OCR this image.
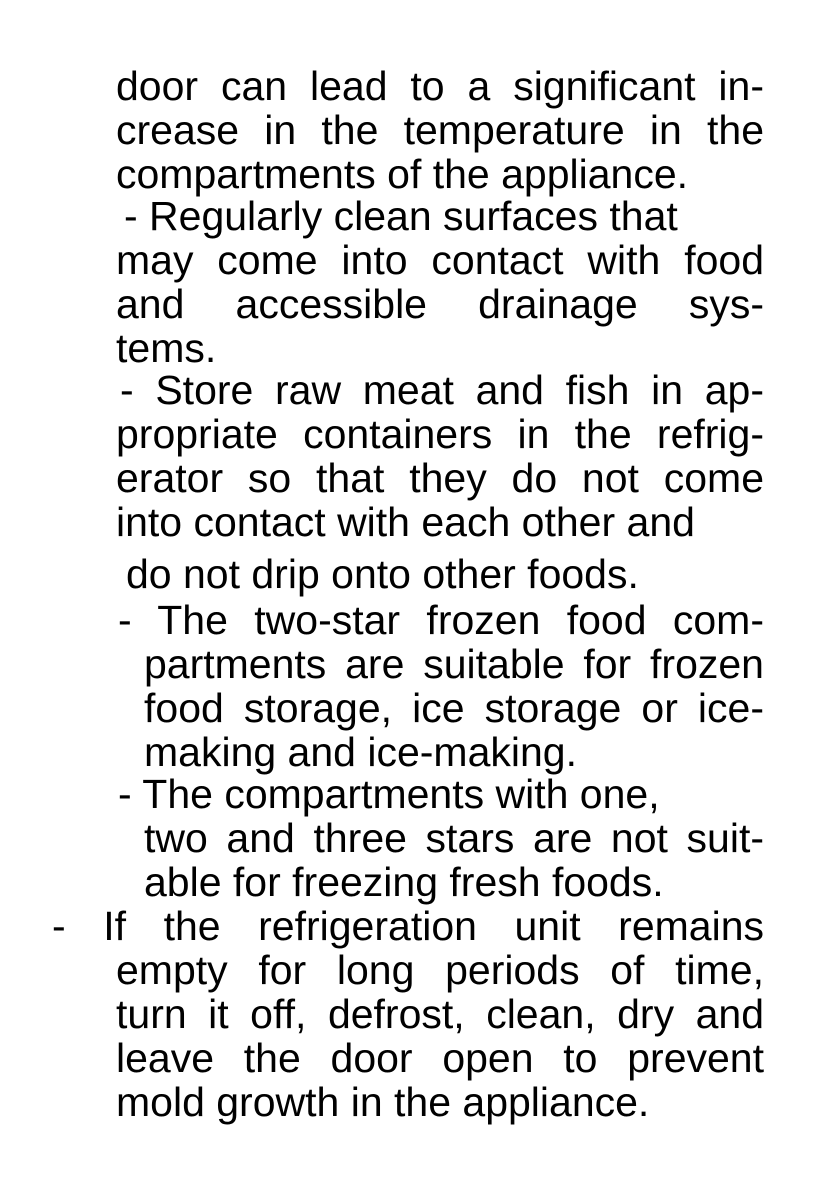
door can lead to a significant in-

crease in the temperature in the

compartments of the appliance.

- Regularly clean surfaces that

may come into contact with food

and accessible drainage sys-

tems.

- Store raw meat and fish in ap-

propriate containers in the refrig-

erator so that they do not come

into contact with each other and

do not drip onto other foods.

- The two-star frozen food com-

partments are suitable for frozen

food storage, ice storage or ice-

making and ice-making.

- The compartments with one,

two and three stars are not suit-

able for freezing fresh foods.

- If the refrigeration unit remains

empty for long periods of time,

turn it off, defrost, clean, dry and

leave the door open to prevent

mold growth in the appliance.
